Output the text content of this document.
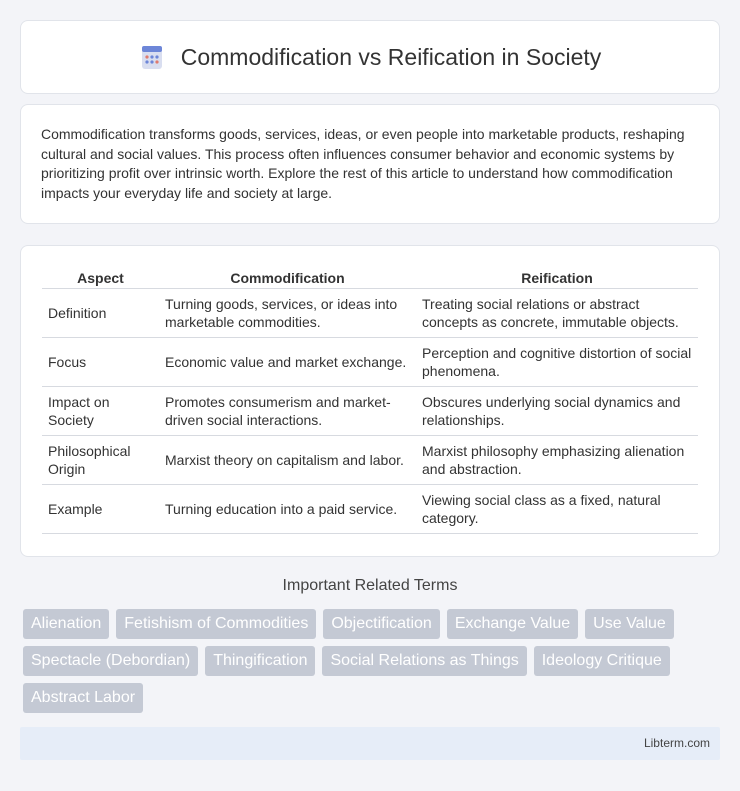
Commodification vs Reification in Society

Commodification transforms goods, services, ideas, or even people into marketable products, reshaping cultural and social values. This process often influences consumer behavior and economic systems by prioritizing profit over intrinsic worth. Explore the rest of this article to understand how commodification impacts your everyday life and society at large.

Aspect	Commodification	Reification
Definition	Turning goods, services, or ideas into marketable commodities.	Treating social relations or abstract concepts as concrete, immutable objects.
Focus	Economic value and market exchange.	Perception and cognitive distortion of social phenomena.
Impact on Society	Promotes consumerism and market-driven social interactions.	Obscures underlying social dynamics and relationships.
Philosophical Origin	Marxist theory on capitalism and labor.	Marxist philosophy emphasizing alienation and abstraction.
Example	Turning education into a paid service.	Viewing social class as a fixed, natural category.
Important Related Terms
Alienation	Fetishism of Commodities	Objectification	Exchange Value	Use Value
Spectacle (Debordian)	Thingification	Social Relations as Things	Ideology Critique
Abstract Labor
Libterm.com
